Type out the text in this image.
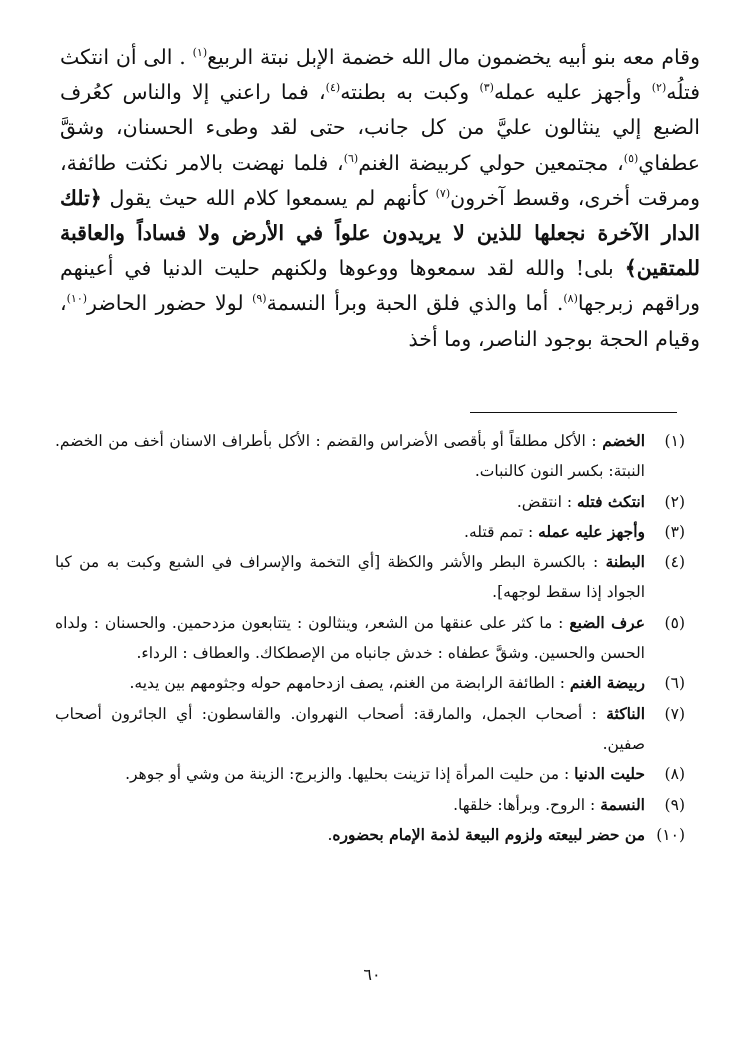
وقام معه بنو أبيه يخضمون مال الله خضمة الإبل نبتة الربيع$^{(١)}$ . الى أن انتكث فتلُه$^{(٢)}$ وأجهز عليه عمله$^{(٣)}$ وكبت به بطنته$^{(٤)}$، فما راعني إلا والناس كعُرف الضبع إلي ينثالون عليَّ من كل جانب، حتى لقد وطىء الحسنان، وشقَّ عطفاي$^{(٥)}$، مجتمعين حولي كربيضة الغنم$^{(٦)}$، فلما نهضت بالامر نكثت طائفة، ومرقت أخرى، وقسط آخرون$^{(٧)}$ كأنهم لم يسمعوا كلام الله حيث يقول ﴿تلك الدار الآخرة نجعلها للذين لا يريدون علواً في الأرض ولا فساداً والعاقبة للمتقين﴾ بلى! والله لقد سمعوها ووعوها ولكنهم حليت الدنيا في أعينهم وراقهم زبرجها$^{(٨)}$. أما والذي فلق الحبة وبرأ النسمة$^{(٩)}$ لولا حضور الحاضر$^{(١٠)}$، وقيام الحجة بوجود الناصر، وما أخذ

(١)
الخضم : الأكل مطلقاً أو بأقصى الأضراس والقضم : الأكل بأطراف الاسنان أخف من الخضم. النبتة: بكسر النون كالنبات.
(٢)
انتكث فتله : انتقض.
(٣)
وأجهز عليه عمله : تمم قتله.
(٤)
البطنة : بالكسرة البطر والأشر والكظة [أي التخمة والإسراف في الشبع وكبت به من كبا الجواد إذا سقط لوجهه].
(٥)
عرف الضبع : ما كثر على عنقها من الشعر، وينثالون : يتتابعون مزدحمين. والحسنان : ولداه الحسن والحسين. وشقَّ عطفاه : خدش جانباه من الإصطكاك. والعطاف : الرداء.
(٦)
ربيضة الغنم : الطائفة الرابضة من الغنم، يصف ازدحامهم حوله وجثومهم بين يديه.
(٧)
الناكثة : أصحاب الجمل، والمارقة: أصحاب النهروان. والقاسطون: أي الجائرون أصحاب صفين.
(٨)
حليت الدنيا : من حليت المرأة إذا تزينت بحليها. والزبرج: الزينة من وشي أو جوهر.
(٩)
النسمة : الروح. وبرأها: خلقها.
(١٠)
من حضر لبيعته ولزوم البيعة لذمة الإمام بحضوره.
٦٠
